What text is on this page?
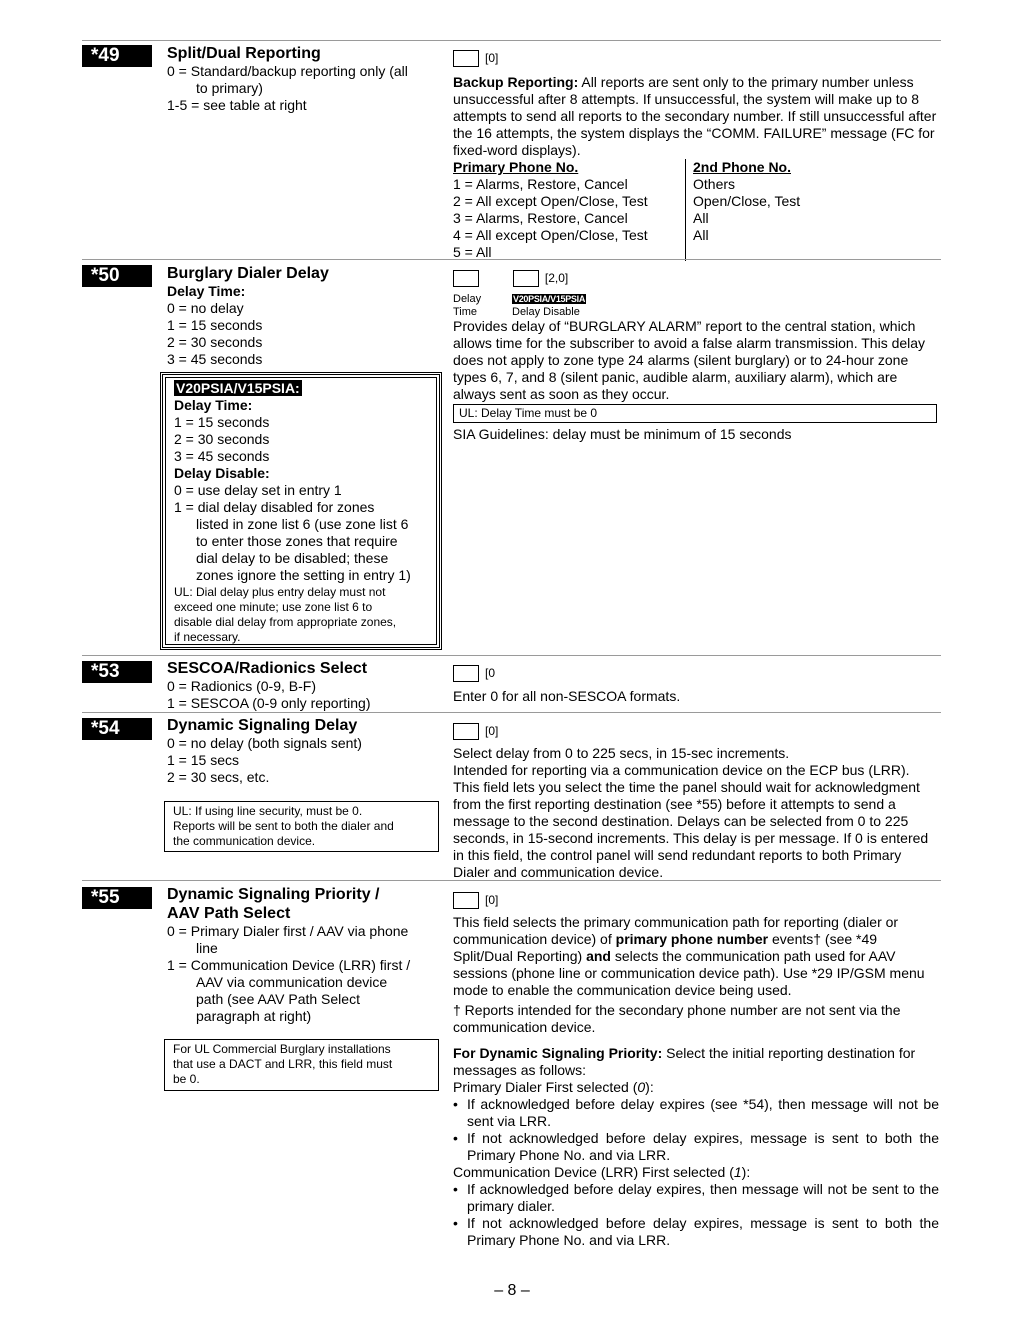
*49	Split/Dual Reporting
0 = Standard/backup reporting only (all
to primary)
1-5 = see table at right
[0]
Backup Reporting: All reports are sent only to the primary number unless unsuccessful after 8 attempts. If unsuccessful, the system will make up to 8 attempts to send all reports to the secondary number. If still unsuccessful after the 16 attempts, the system displays the “COMM. FAILURE” message (FC for fixed-word displays).
Primary Phone No.	2nd Phone No.
1 = Alarms, Restore, Cancel	Others
2 = All except Open/Close, Test	Open/Close, Test
3 = Alarms, Restore, Cancel	All
4 = All except Open/Close, Test	All
5 = All
*50	Burglary Dialer Delay
Delay Time:
0 = no delay
1 = 15 seconds
2 = 30 seconds
3 = 45 seconds
V20PSIA/V15PSIA:
Delay Time:
1 = 15 seconds
2 = 30 seconds
3 = 45 seconds
Delay Disable:
0 = use delay set in entry 1
1 = dial delay disabled for zones
listed in zone list 6 (use zone list 6
to enter those zones that require
dial delay to be disabled; these
zones ignore the setting in entry 1)
UL: Dial delay plus entry delay must not
exceed one minute; use zone list 6 to
disable dial delay from appropriate zones,
if necessary.
[2,0]
Delay
Time
V20PSIA/V15PSIA
Delay Disable
Provides delay of “BURGLARY ALARM” report to the central station, which allows time for the subscriber to avoid a false alarm transmission. This delay does not apply to zone type 24 alarms (silent burglary) or to 24-hour zone types 6, 7, and 8 (silent panic, audible alarm, auxiliary alarm), which are always sent as soon as they occur.
UL: Delay Time must be 0
SIA Guidelines: delay must be minimum of 15 seconds
*53	SESCOA/Radionics Select
0 = Radionics (0-9, B-F)
1 = SESCOA (0-9 only reporting)
[0
Enter 0 for all non-SESCOA formats.
*54	Dynamic Signaling Delay
0 = no delay (both signals sent)
1 = 15 secs
2 = 30 secs, etc.
UL: If using line security, must be 0.
Reports will be sent to both the dialer and
the communication device.
[0]
Select delay from 0 to 225 secs, in 15-sec increments.
Intended for reporting via a communication device on the ECP bus (LRR). This field lets you select the time the panel should wait for acknowledgment from the first reporting destination (see *55) before it attempts to send a message to the second destination. Delays can be selected from 0 to 225 seconds, in 15-second increments. This delay is per message. If 0 is entered in this field, the control panel will send redundant reports to both Primary Dialer and communication device.
*55	Dynamic Signaling Priority /
AAV Path Select
0 = Primary Dialer first / AAV via phone
line
1 = Communication Device (LRR) first /
AAV via communication device
path (see AAV Path Select
paragraph at right)
For UL Commercial Burglary installations
that use a DACT and LRR, this field must
be 0.
[0]
This field selects the primary communication path for reporting (dialer or communication device) of primary phone number events† (see *49 Split/Dual Reporting) and selects the communication path used for AAV sessions (phone line or communication device path). Use *29 IP/GSM menu mode to enable the communication device being used.
† Reports intended for the secondary phone number are not sent via the communication device.
For Dynamic Signaling Priority: Select the initial reporting destination for messages as follows:
Primary Dialer First selected (0):
• If acknowledged before delay expires (see *54), then message will not be sent via LRR.
• If not acknowledged before delay expires, message is sent to both the Primary Phone No. and via LRR.
Communication Device (LRR) First selected (1):
• If acknowledged before delay expires, then message will not be sent to the primary dialer.
• If not acknowledged before delay expires, message is sent to both the Primary Phone No. and via LRR.
– 8 –
